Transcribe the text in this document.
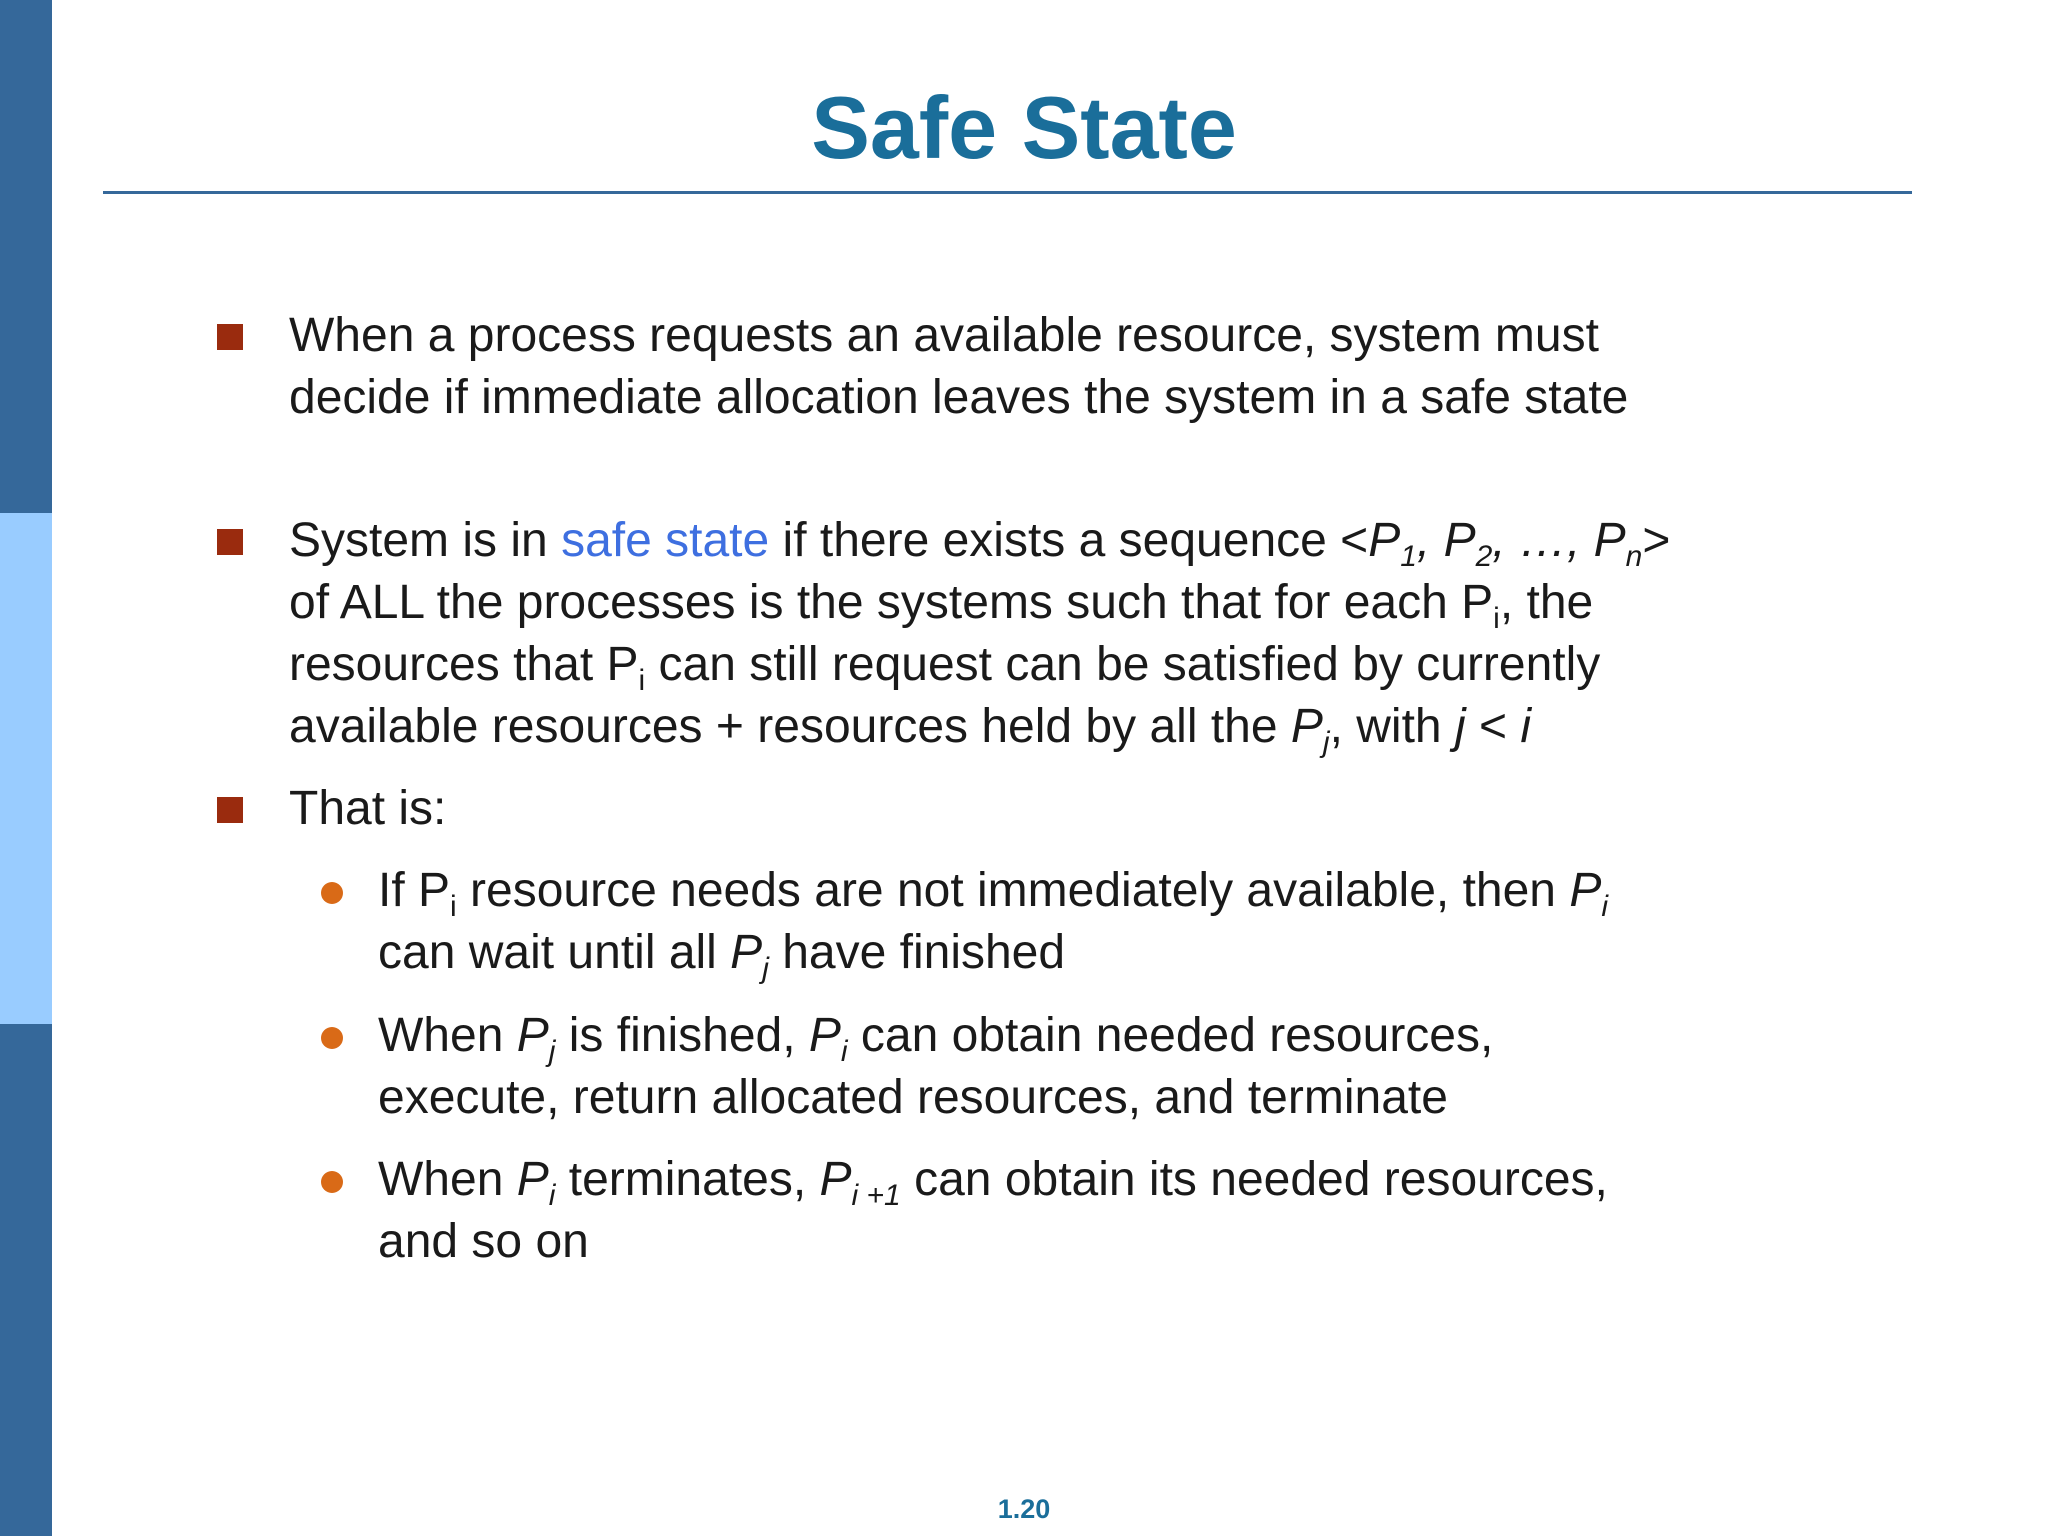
Safe State
When a process requests an available resource, system must
decide if immediate allocation leaves the system in a safe state
System is in safe state if there exists a sequence $<P_1$, $P_2$, …, $P_n>$
of ALL the processes is the systems such that for each $P_i$, the
resources that $P_i$ can still request can be satisfied by currently
available resources + resources held by all the $P_j$, with j < i
That is:
If $P_i$ resource needs are not immediately available, then $P_i$
can wait until all $P_j$ have finished
When $P_j$ is finished, $P_i$ can obtain needed resources,
execute, return allocated resources, and terminate
When $P_i$ terminates, $P_{i +1}$ can obtain its needed resources,
and so on
1.20
